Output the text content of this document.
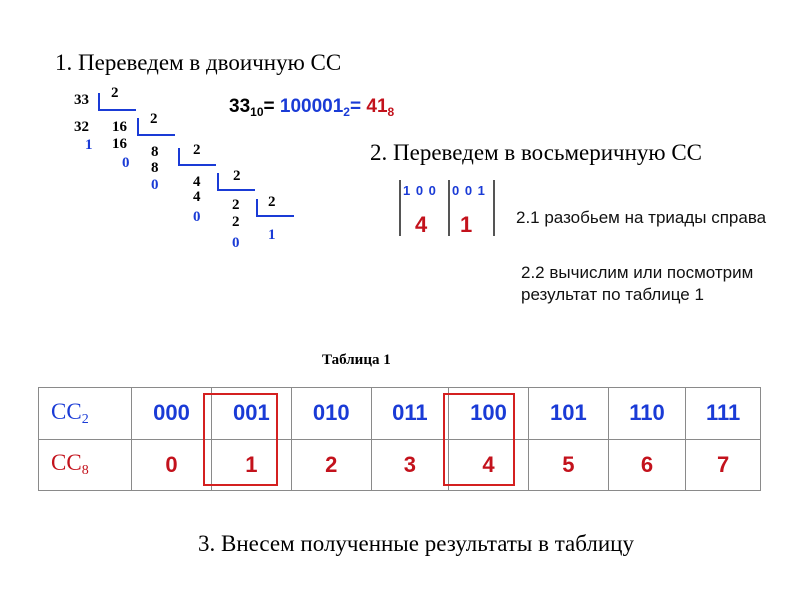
1. Переведем в двоичную СС
33 2
32 16 2
1 16 8 2
0 8
4 2
0
4 2 2
0 2
0 1
$33_{10}= 100001_2= 41_8$
2. Переведем в восьмеричную СС
1 0 0 0 0 1
4 1	2.1 разобьем на триады справа
2.2 вычислим или посмотрим результат по таблице 1
Таблица 1
$СС_2$	000	001	010	011	100	101	110	111
$СС_8$	0	1	2	3	4	5	6	7
3. Внесем полученные результаты в таблицу
